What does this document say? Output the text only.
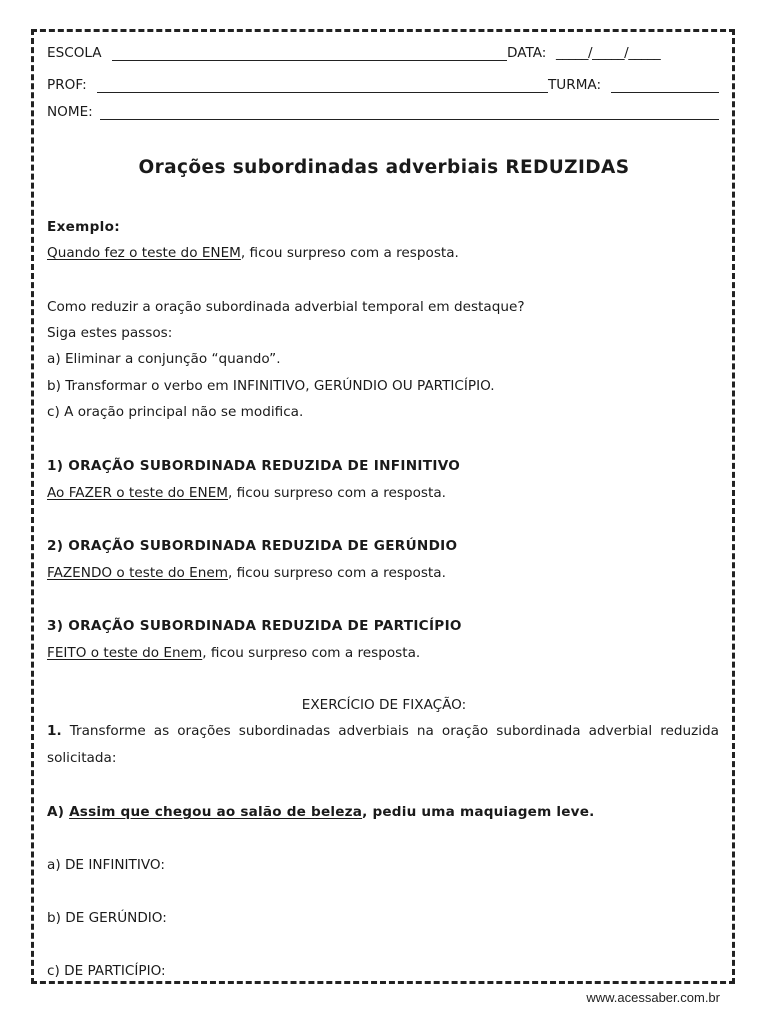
ESCOLA	DATA: _____/_____/_____
PROF:	TURMA:
NOME:
Orações subordinadas adverbiais REDUZIDAS
Exemplo:
Quando fez o teste do ENEM, ficou surpreso com a resposta.
Como reduzir a oração subordinada adverbial temporal em destaque?
Siga estes passos:
a) Eliminar a conjunção “quando”.
b) Transformar o verbo em INFINITIVO, GERÚNDIO OU PARTICÍPIO.
c) A oração principal não se modifica.
1) ORAÇÃO SUBORDINADA REDUZIDA DE INFINITIVO
Ao FAZER o teste do ENEM, ficou surpreso com a resposta.
2) ORAÇÃO SUBORDINADA REDUZIDA DE GERÚNDIO
FAZENDO o teste do Enem, ficou surpreso com a resposta.
3) ORAÇÃO SUBORDINADA REDUZIDA DE PARTICÍPIO
FEITO o teste do Enem, ficou surpreso com a resposta.
EXERCÍCIO DE FIXAÇÃO:
1. Transforme as orações subordinadas adverbiais na oração subordinada adverbial reduzida solicitada:
A) Assim que chegou ao salão de beleza, pediu uma maquiagem leve.
a) DE INFINITIVO:
b) DE GERÚNDIO:
c) DE PARTICÍPIO:
www.acessaber.com.br
